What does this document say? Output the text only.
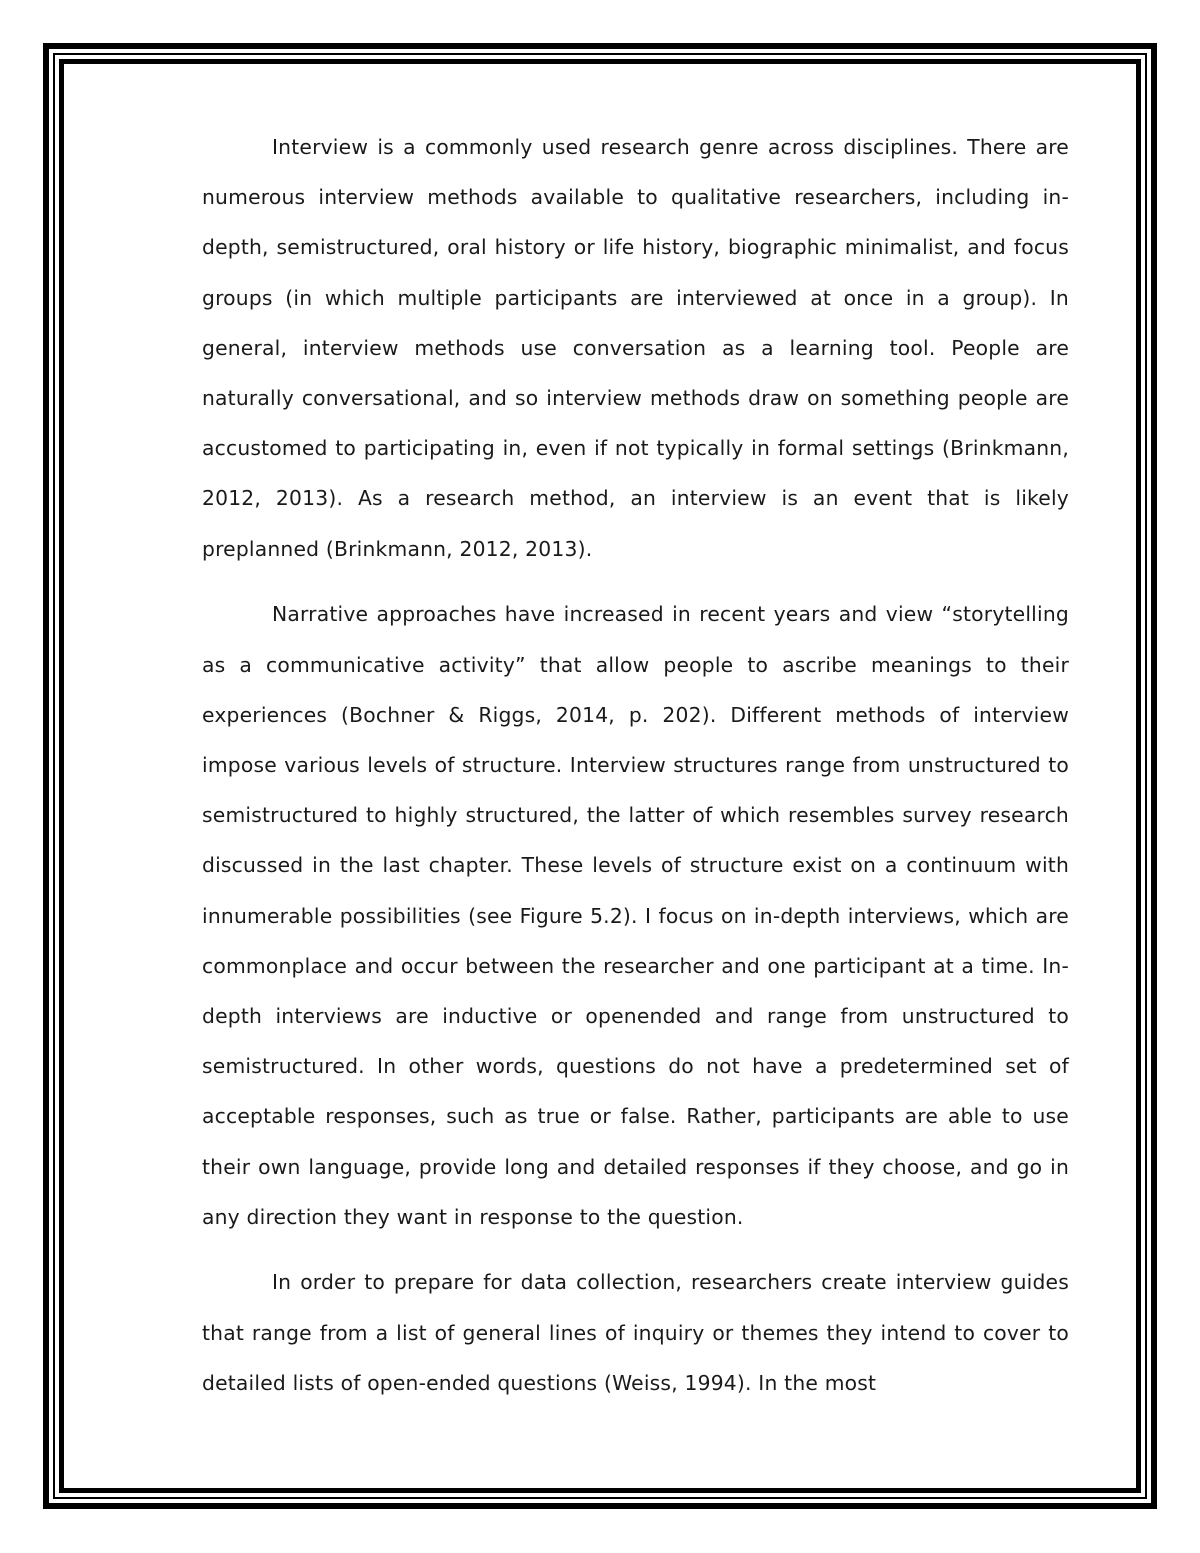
Interview is a commonly used research genre across disciplines. There are numerous interview methods available to qualitative researchers, including in-depth, semistructured, oral history or life history, biographic minimalist, and focus groups (in which multiple participants are interviewed at once in a group). In general, interview methods use conversation as a learning tool. People are naturally conversational, and so interview methods draw on something people are accustomed to participating in, even if not typically in formal settings (Brinkmann, 2012, 2013). As a research method, an interview is an event that is likely preplanned (Brinkmann, 2012, 2013).

Narrative approaches have increased in recent years and view “storytelling as a communicative activity” that allow people to ascribe meanings to their experiences (Bochner & Riggs, 2014, p. 202). Different methods of interview impose various levels of structure. Interview structures range from unstructured to semistructured to highly structured, the latter of which resembles survey research discussed in the last chapter. These levels of structure exist on a continuum with innumerable possibilities (see Figure 5.2). I focus on in-depth interviews, which are commonplace and occur between the researcher and one participant at a time. In-depth interviews are inductive or openended and range from unstructured to semistructured. In other words, questions do not have a predetermined set of acceptable responses, such as true or false. Rather, participants are able to use their own language, provide long and detailed responses if they choose, and go in any direction they want in response to the question.

In order to prepare for data collection, researchers create interview guides that range from a list of general lines of inquiry or themes they intend to cover to detailed lists of open-ended questions (Weiss, 1994). In the most
